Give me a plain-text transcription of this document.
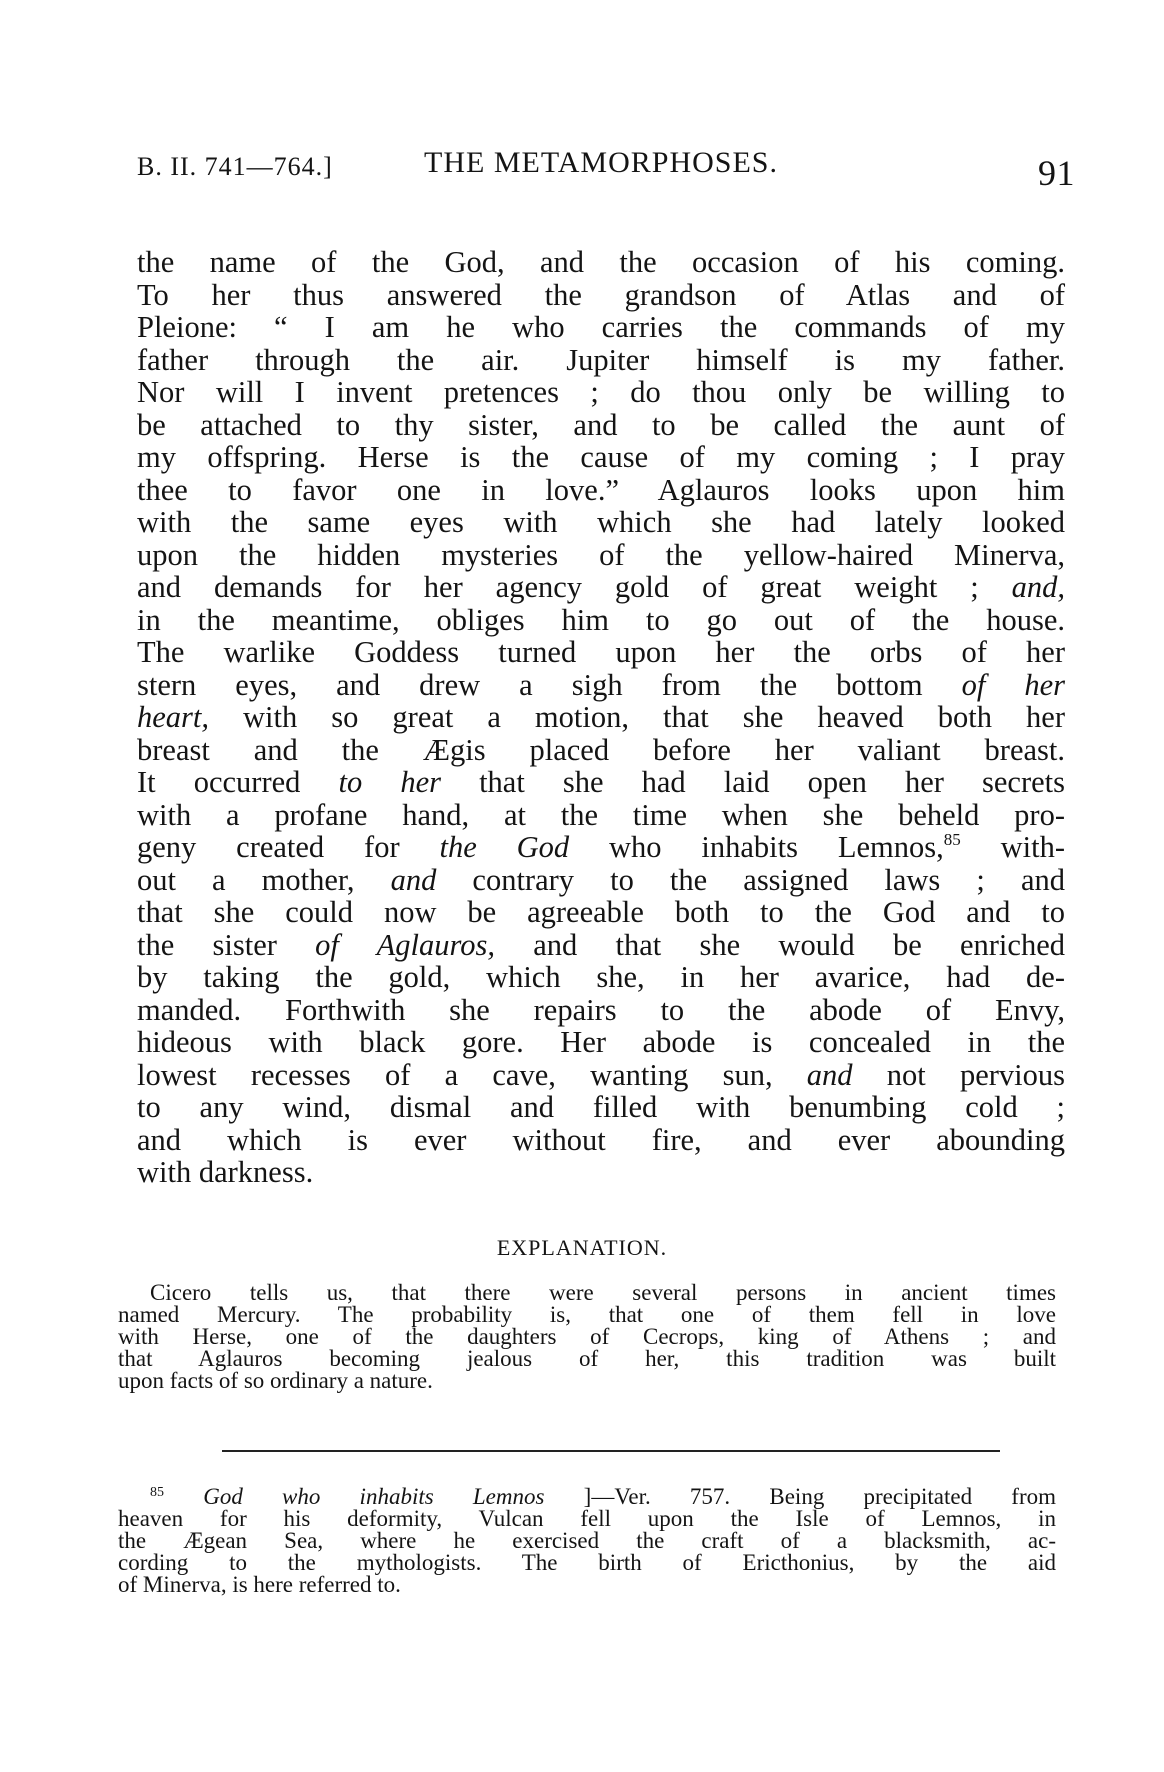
B. II. 741—764.]	THE METAMORPHOSES.	91
the name of the God, and the occasion of his coming.
To her thus answered the grandson of Atlas and of
Pleione: “ I am he who carries the commands of my
father through the air. Jupiter himself is my father.
Nor will I invent pretences ; do thou only be willing to
be attached to thy sister, and to be called the aunt of
my offspring. Herse is the cause of my coming ; I pray
thee to favor one in love.” Aglauros looks upon him
with the same eyes with which she had lately looked
upon the hidden mysteries of the yellow-haired Minerva,
and demands for her agency gold of great weight ; and,
in the meantime, obliges him to go out of the house.
The warlike Goddess turned upon her the orbs of her
stern eyes, and drew a sigh from the bottom of her
heart, with so great a motion, that she heaved both her
breast and the Ægis placed before her valiant breast.
It occurred to her that she had laid open her secrets
with a profane hand, at the time when she beheld pro-
geny created for the God who inhabits Lemnos,$^{85}$ with-
out a mother, and contrary to the assigned laws ; and
that she could now be agreeable both to the God and to
the sister of Aglauros, and that she would be enriched
by taking the gold, which she, in her avarice, had de-
manded. Forthwith she repairs to the abode of Envy,
hideous with black gore. Her abode is concealed in the
lowest recesses of a cave, wanting sun, and not pervious
to any wind, dismal and filled with benumbing cold ;
and which is ever without fire, and ever abounding
with darkness.
EXPLANATION.
Cicero tells us, that there were several persons in ancient times
named Mercury. The probability is, that one of them fell in love
with Herse, one of the daughters of Cecrops, king of Athens ; and
that Aglauros becoming jealous of her, this tradition was built
upon facts of so ordinary a nature.
$^{85}$ God who inhabits Lemnos ]—Ver. 757. Being precipitated from
heaven for his deformity, Vulcan fell upon the Isle of Lemnos, in
the Ægean Sea, where he exercised the craft of a blacksmith, ac-
cording to the mythologists. The birth of Ericthonius, by the aid
of Minerva, is here referred to.
